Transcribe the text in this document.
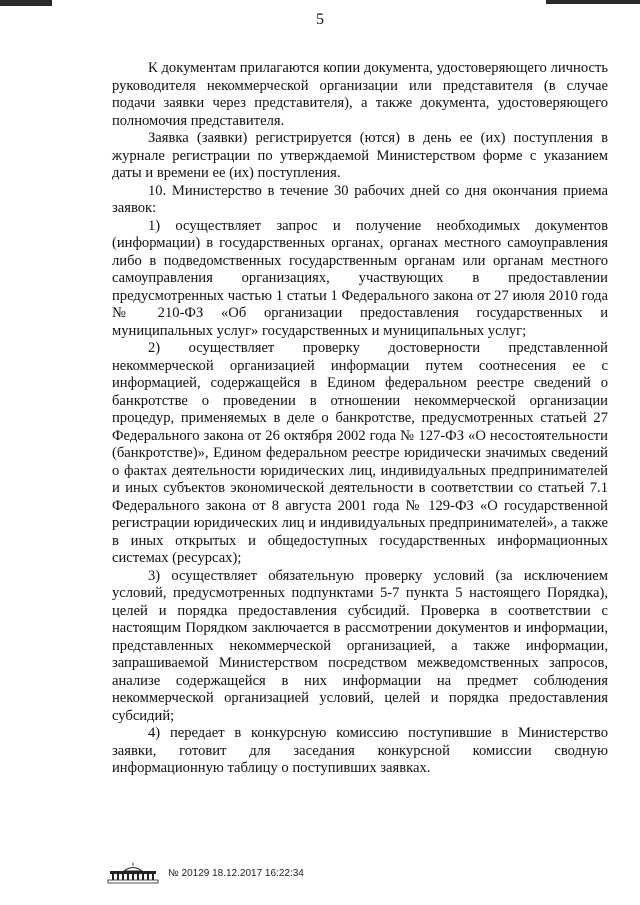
5

К документам прилагаются копии документа, удостоверяющего личность руководителя некоммерческой организации или представителя (в случае подачи заявки через представителя), а также документа, удостоверяющего полномочия представителя.

Заявка (заявки) регистрируется (ются) в день ее (их) поступления в журнале регистрации по утверждаемой Министерством форме с указанием даты и времени ее (их) поступления.

10. Министерство в течение 30 рабочих дней со дня окончания приема заявок:

1) осуществляет запрос и получение необходимых документов (информации) в государственных органах, органах местного самоуправления либо в подведомственных государственным органам или органам местного самоуправления организациях, участвующих в предоставлении предусмотренных частью 1 статьи 1 Федерального закона от 27 июля 2010 года № 210-ФЗ «Об организации предоставления государственных и муниципальных услуг» государственных и муниципальных услуг;

2) осуществляет проверку достоверности представленной некоммерческой организацией информации путем соотнесения ее с информацией, содержащейся в Едином федеральном реестре сведений о банкротстве о проведении в отношении некоммерческой организации процедур, применяемых в деле о банкротстве, предусмотренных статьей 27 Федерального закона от 26 октября 2002 года № 127-ФЗ «О несостоятельности (банкротстве)», Едином федеральном реестре юридически значимых сведений о фактах деятельности юридических лиц, индивидуальных предпринимателей и иных субъектов экономической деятельности в соответствии со статьей 7.1 Федерального закона от 8 августа 2001 года № 129-ФЗ «О государственной регистрации юридических лиц и индивидуальных предпринимателей», а также в иных открытых и общедоступных государственных информационных системах (ресурсах);

3) осуществляет обязательную проверку условий (за исключением условий, предусмотренных подпунктами 5-7 пункта 5 настоящего Порядка), целей и порядка предоставления субсидий. Проверка в соответствии с настоящим Порядком заключается в рассмотрении документов и информации, представленных некоммерческой организацией, а также информации, запрашиваемой Министерством посредством межведомственных запросов, анализе содержащейся в них информации на предмет соблюдения некоммерческой организацией условий, целей и порядка предоставления субсидий;

4) передает в конкурсную комиссию поступившие в Министерство заявки, готовит для заседания конкурсной комиссии сводную информационную таблицу о поступивших заявках.

№ 20129 18.12.2017 16:22:34
